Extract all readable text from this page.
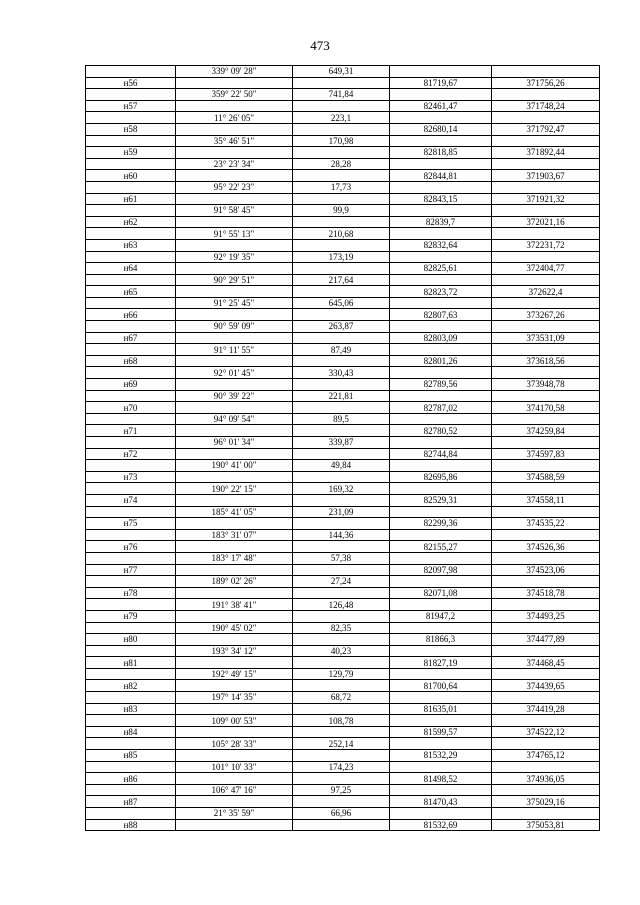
473
	339° 09' 28"	649,31		
н56			81719,67	371756,26
	359° 22' 50"	741,84		
н57			82461,47	371748,24
	11° 26' 05"	223,1		
н58			82680,14	371792,47
	35° 46' 51"	170,98		
н59			82818,85	371892,44
	23° 23' 34"	28,28		
н60			82844,81	371903,67
	95° 22' 23"	17,73		
н61			82843,15	371921,32
	91° 58' 45"	99,9		
н62			82839,7	372021,16
	91° 55' 13"	210,68		
н63			82832,64	372231,72
	92° 19' 35"	173,19		
н64			82825,61	372404,77
	90° 29' 51"	217,64		
н65			82823,72	372622,4
	91° 25' 45"	645,06		
н66			82807,63	373267,26
	90° 59' 09"	263,87		
н67			82803,09	373531,09
	91° 11' 55"	87,49		
н68			82801,26	373618,56
	92° 01' 45"	330,43		
н69			82789,56	373948,78
	90° 39' 22"	221,81		
н70			82787,02	374170,58
	94° 09' 54"	89,5		
н71			82780,52	374259,84
	96° 01' 34"	339,87		
н72			82744,84	374597,83
	190° 41' 00"	49,84		
н73			82695,86	374588,59
	190° 22' 15"	169,32		
н74			82529,31	374558,11
	185° 41' 05"	231,09		
н75			82299,36	374535,22
	183° 31' 07"	144,36		
н76			82155,27	374526,36
	183° 17' 48"	57,38		
н77			82097,98	374523,06
	189° 02' 26"	27,24		
н78			82071,08	374518,78
	191° 38' 41"	126,48		
н79			81947,2	374493,25
	190° 45' 02"	82,35		
н80			81866,3	374477,89
	193° 34' 12"	40,23		
н81			81827,19	374468,45
	192° 49' 15"	129,79		
н82			81700,64	374439,65
	197° 14' 35"	68,72		
н83			81635,01	374419,28
	109° 00' 53"	108,78		
н84			81599,57	374522,12
	105° 28' 33"	252,14		
н85			81532,29	374765,12
	101° 10' 33"	174,23		
н86			81498,52	374936,05
	106° 47' 16"	97,25		
н87			81470,43	375029,16
	21° 35' 59"	66,96		
н88			81532,69	375053,81
